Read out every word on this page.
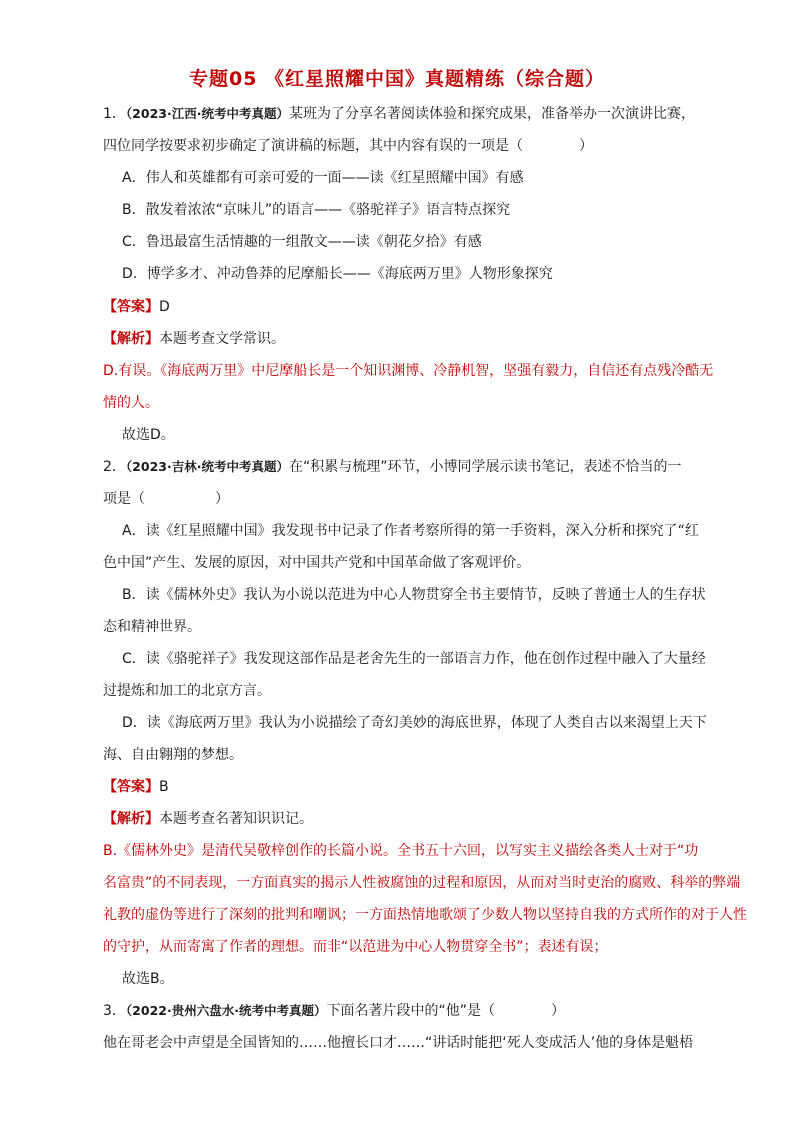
专题05 《红星照耀中国》真题精练（综合题）
1．（2023·江西·统考中考真题）某班为了分享名著阅读体验和探究成果，准备举办一次演讲比赛，
四位同学按要求初步确定了演讲稿的标题，其中内容有误的一项是（　　　　）
A．伟人和英雄都有可亲可爱的一面——读《红星照耀中国》有感
B．散发着浓浓“京味儿”的语言——《骆驼祥子》语言特点探究
C．鲁迅最富生活情趣的一组散文——读《朝花夕拾》有感
D．博学多才、冲动鲁莽的尼摩船长——《海底两万里》人物形象探究
【答案】D
【解析】本题考查文学常识。
D.有误。《海底两万里》中尼摩船长是一个知识渊博、冷静机智，坚强有毅力，自信还有点残冷酷无
情的人。
故选D。
2．（2023·吉林·统考中考真题）在“积累与梳理”环节，小博同学展示读书笔记，表述不恰当的一
项是（　　　　　）
A．读《红星照耀中国》我发现书中记录了作者考察所得的第一手资料，深入分析和探究了“红
色中国”产生、发展的原因，对中国共产党和中国革命做了客观评价。
B．读《儒林外史》我认为小说以范进为中心人物贯穿全书主要情节，反映了普通士人的生存状
态和精神世界。
C．读《骆驼祥子》我发现这部作品是老舍先生的一部语言力作，他在创作过程中融入了大量经
过提炼和加工的北京方言。
D．读《海底两万里》我认为小说描绘了奇幻美妙的海底世界，体现了人类自古以来渴望上天下
海、自由翱翔的梦想。
【答案】B
【解析】本题考查名著知识识记。
B.《儒林外史》是清代吴敬梓创作的长篇小说。全书五十六回，以写实主义描绘各类人士对于“功
名富贵”的不同表现，一方面真实的揭示人性被腐蚀的过程和原因，从而对当时吏治的腐败、科举的弊端
礼教的虚伪等进行了深刻的批判和嘲讽；一方面热情地歌颂了少数人物以坚持自我的方式所作的对于人性
的守护，从而寄寓了作者的理想。而非“以范进为中心人物贯穿全书”；表述有误；
故选B。
3．（2022·贵州六盘水·统考中考真题）下面名著片段中的“他”是（　　　　）
他在哥老会中声望是全国皆知的……他擅长口才……“讲话时能把‘死人变成活人’他的身体是魁梧
